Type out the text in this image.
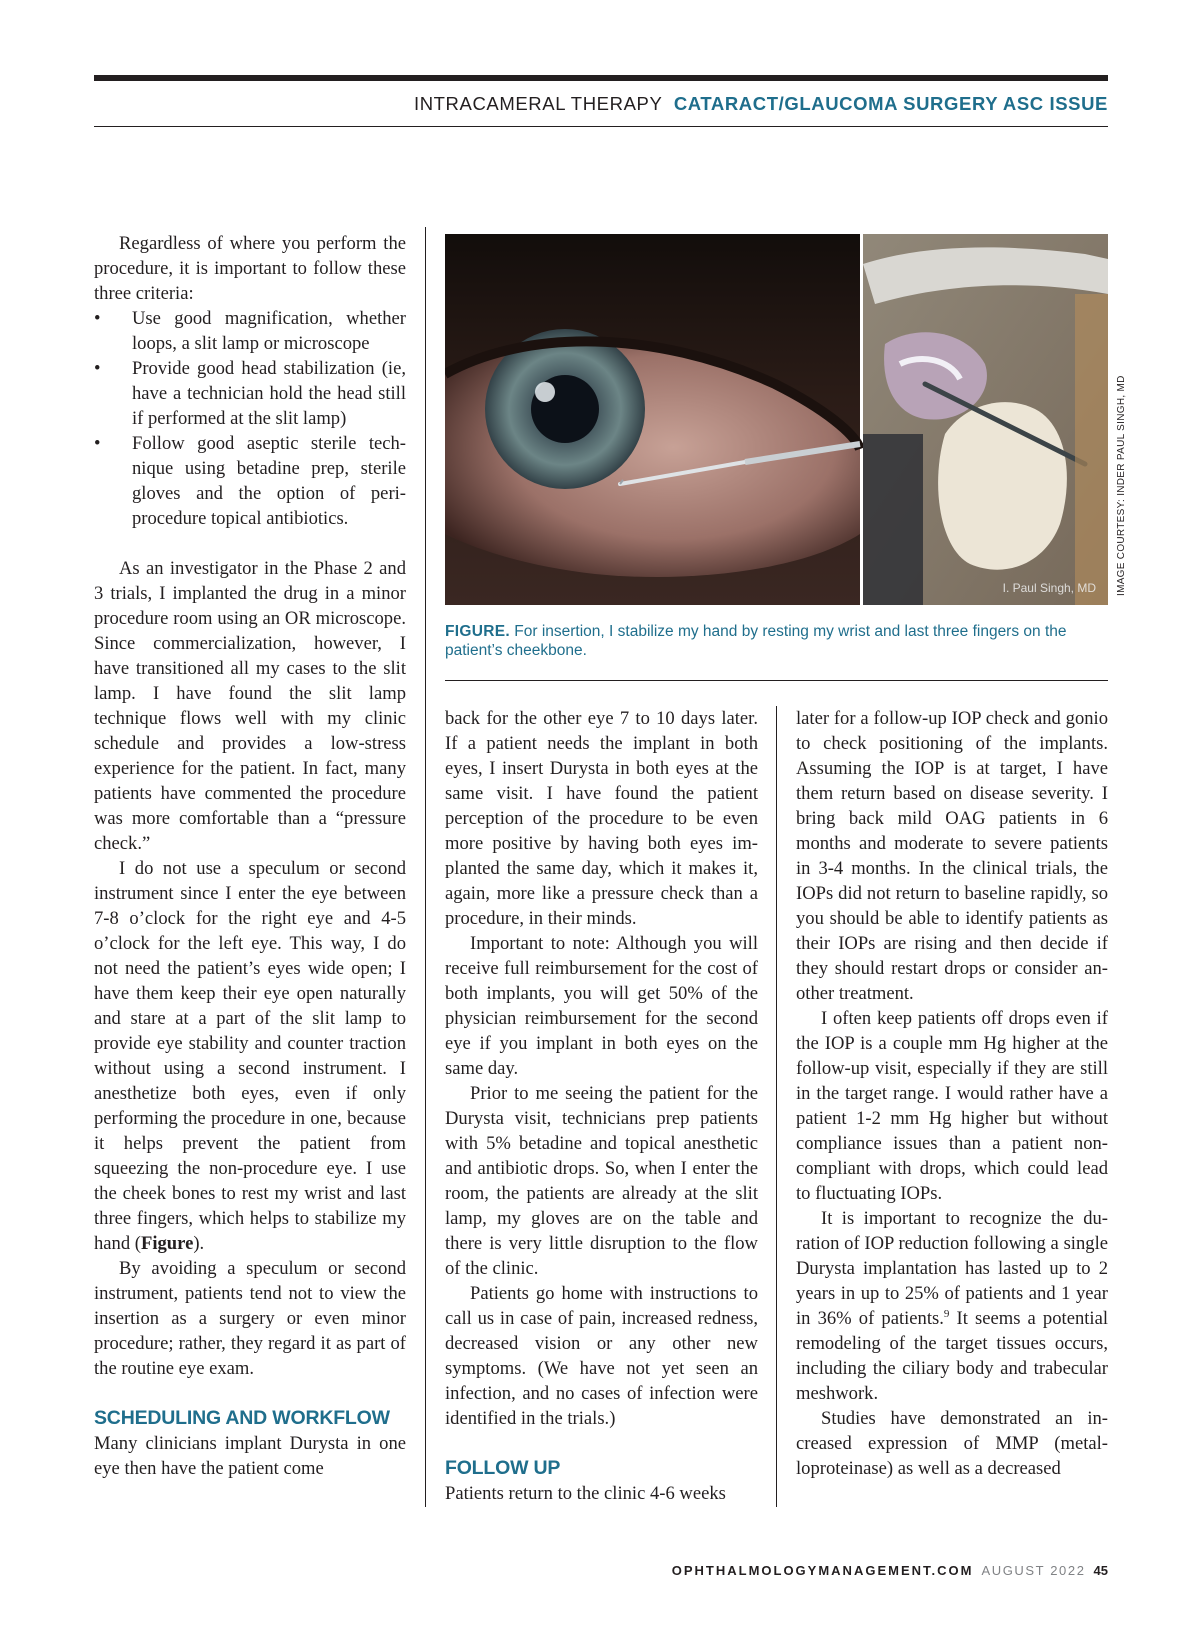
INTRACAMERAL THERAPY CATARACT/GLAUCOMA SURGERY ASC ISSUE

Regardless of where you perform the procedure, it is important to follow these three criteria:

• Use good magnification, whether loops, a slit lamp or microscope
• Provide good head stabilization (ie, have a technician hold the head still if performed at the slit lamp)
• Follow good aseptic sterile technique using betadine prep, sterile gloves and the option of periprocedure topical antibiotics.

As an investigator in the Phase 2 and 3 trials, I implanted the drug in a minor procedure room using an OR microscope. Since commercialization, however, I have transitioned all my cases to the slit lamp. I have found the slit lamp technique flows well with my clinic schedule and provides a low-stress experience for the patient. In fact, many patients have commented the procedure was more comfortable than a “pressure check.”

I do not use a speculum or second instrument since I enter the eye between 7-8 o’clock for the right eye and 4-5 o’clock for the left eye. This way, I do not need the patient’s eyes wide open; I have them keep their eye open naturally and stare at a part of the slit lamp to provide eye stability and counter traction without using a second instrument. I anesthetize both eyes, even if only performing the procedure in one, because it helps prevent the patient from squeezing the non-procedure eye. I use the cheek bones to rest my wrist and last three fingers, which helps to stabilize my hand (Figure).

By avoiding a speculum or second instrument, patients tend not to view the insertion as a surgery or even minor procedure; rather, they regard it as part of the routine eye exam.

SCHEDULING AND WORKFLOW

Many clinicians implant Durysta in one eye then have the patient come

I. Paul Singh, MD IMAGE COURTESY: INDER PAUL SINGH, MD
FIGURE. For insertion, I stabilize my hand by resting my wrist and last three fingers on the patient’s cheekbone.

back for the other eye 7 to 10 days later. If a patient needs the implant in both eyes, I insert Durysta in both eyes at the same visit. I have found the patient perception of the procedure to be even more positive by having both eyes implanted the same day, which it makes it, again, more like a pressure check than a procedure, in their minds.

Important to note: Although you will receive full reimbursement for the cost of both implants, you will get 50% of the physician reimbursement for the second eye if you implant in both eyes on the same day.

Prior to me seeing the patient for the Durysta visit, technicians prep patients with 5% betadine and topical anesthetic and antibiotic drops. So, when I enter the room, the patients are already at the slit lamp, my gloves are on the table and there is very little disruption to the flow of the clinic.

Patients go home with instructions to call us in case of pain, increased redness, decreased vision or any other new symptoms. (We have not yet seen an infection, and no cases of infection were identified in the trials.)

FOLLOW UP

Patients return to the clinic 4-6 weeks

later for a follow-up IOP check and gonio to check positioning of the implants. Assuming the IOP is at target, I have them return based on disease severity. I bring back mild OAG patients in 6 months and moderate to severe patients in 3-4 months. In the clinical trials, the IOPs did not return to baseline rapidly, so you should be able to identify patients as their IOPs are rising and then decide if they should restart drops or consider another treatment.

I often keep patients off drops even if the IOP is a couple mm Hg higher at the follow-up visit, especially if they are still in the target range. I would rather have a patient 1-2 mm Hg higher but without compliance issues than a patient non-compliant with drops, which could lead to fluctuating IOPs.

It is important to recognize the duration of IOP reduction following a single Durysta implantation has lasted up to 2 years in up to 25% of patients and 1 year in 36% of patients.$^9$ It seems a potential remodeling of the target tissues occurs, including the ciliary body and trabecular meshwork.

Studies have demonstrated an increased expression of MMP (metalloproteinase) as well as a decreased

OPHTHALMOLOGYMANAGEMENT.COM AUGUST 2022 45
